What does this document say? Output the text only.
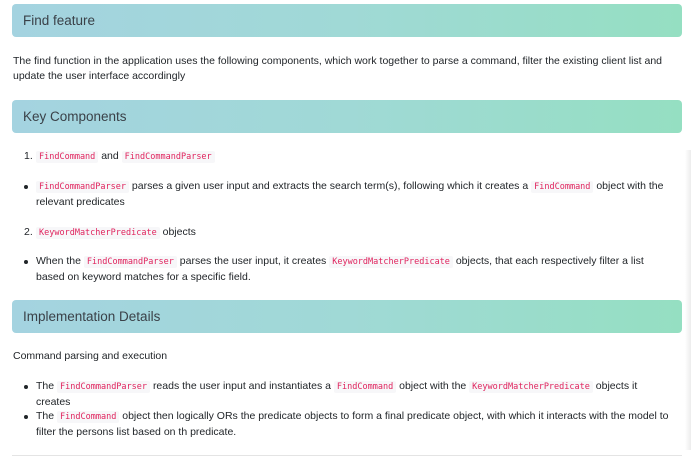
Find feature

The find function in the application uses the following components, which work together to parse a command, filter the existing client list and update the user interface accordingly

Key Components
1. FindCommand and FindCommandParser
FindCommandParser parses a given user input and extracts the search term(s), following which it creates a FindCommand object with the relevant predicates
2. KeywordMatcherPredicate objects
When the FindCommandParser parses the user input, it creates KeywordMatcherPredicate objects, that each respectively filter a list based on keyword matches for a specific field.
Implementation Details

Command parsing and execution

The FindCommandParser reads the user input and instantiates a FindCommand object with the KeywordMatcherPredicate objects it creates
The FindCommand object then logically ORs the predicate objects to form a final predicate object, with which it interacts with the model to filter the persons list based on th predicate.
